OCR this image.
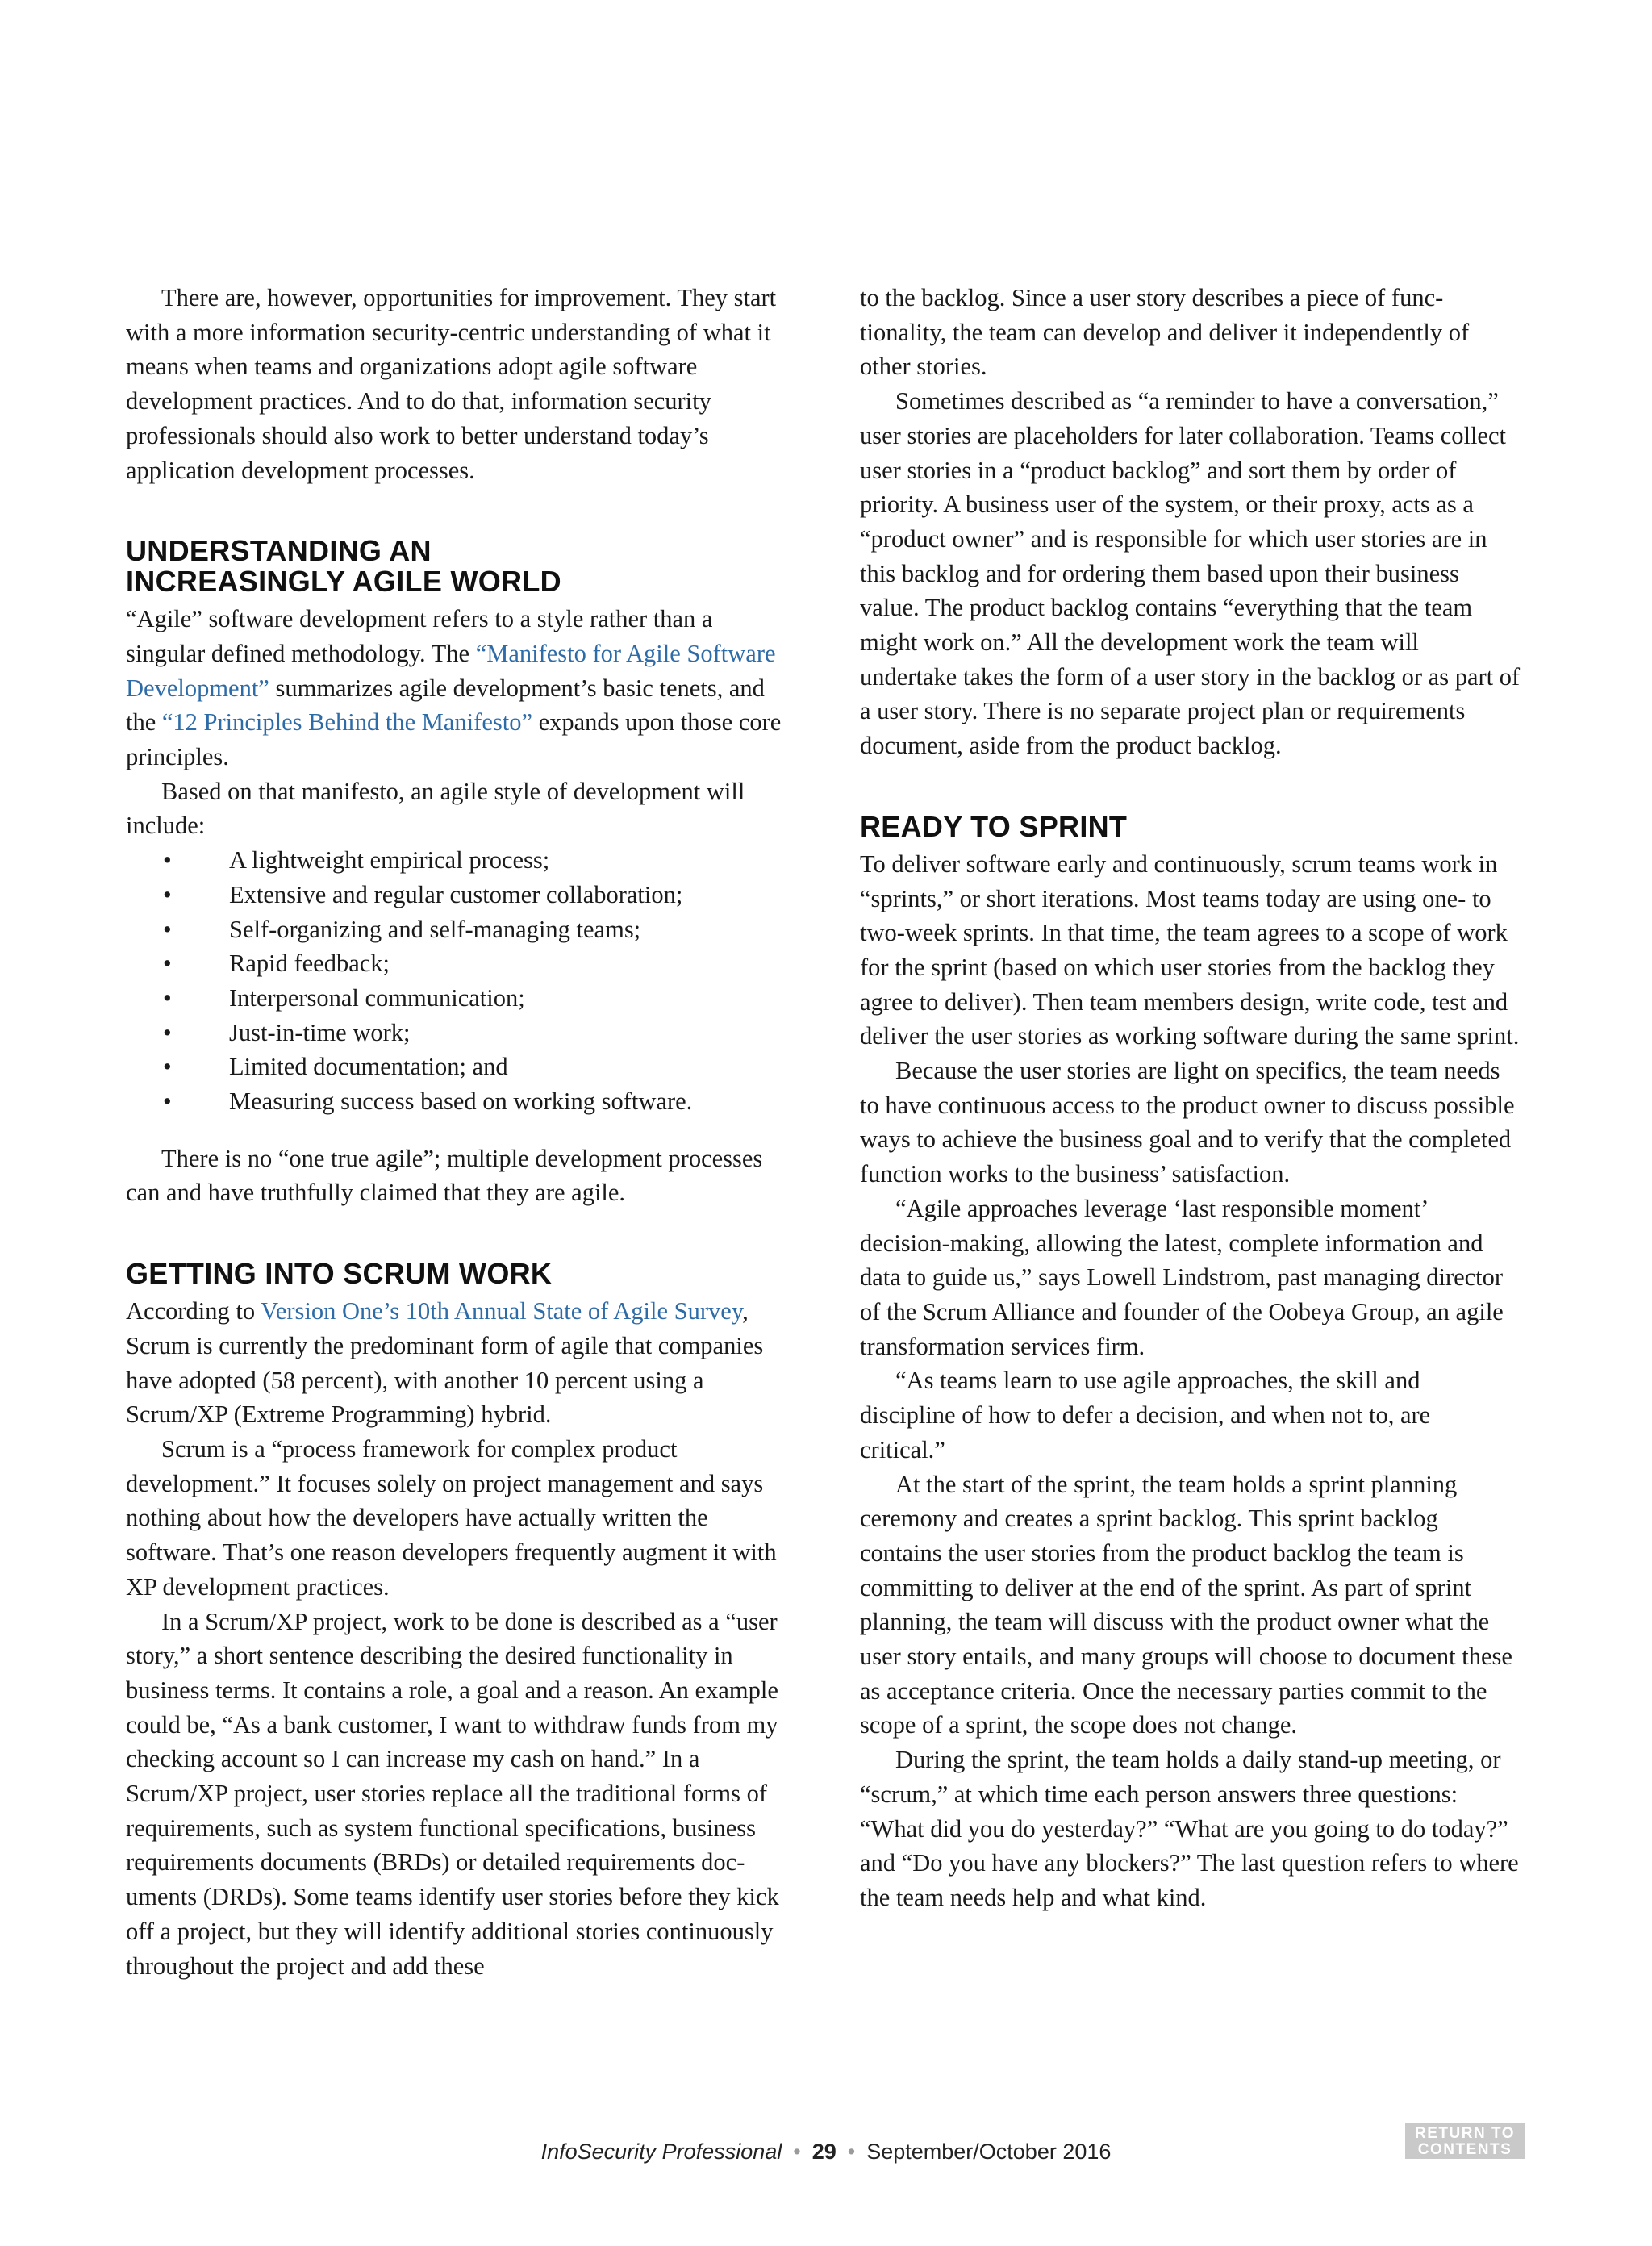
There are, however, opportunities for improvement. They start with a more information security-centric understanding of what it means when teams and organizations adopt agile software development practices. And to do that, information security professionals should also work to better understand today’s application development processes.

UNDERSTANDING AN
INCREASINGLY AGILE WORLD

“Agile” software development refers to a style rather than a singular defined methodology. The “Manifesto for Agile Software Development” summarizes agile development’s basic tenets, and the “12 Principles Behind the Manifesto” expands upon those core principles.

Based on that manifesto, an agile style of development will include:

• A lightweight empirical process;
• Extensive and regular customer collaboration;
• Self-organizing and self-managing teams;
• Rapid feedback;
• Interpersonal communication;
• Just-in-time work;
• Limited documentation; and
• Measuring success based on working software.

There is no “one true agile”; multiple development processes can and have truthfully claimed that they are agile.

GETTING INTO SCRUM WORK

According to Version One’s 10th Annual State of Agile Survey, Scrum is currently the predominant form of agile that companies have adopted (58 percent), with another 10 percent using a Scrum/XP (Extreme Programming) hybrid.

Scrum is a “process framework for complex product development.” It focuses solely on project management and says nothing about how the developers have actually written the software. That’s one reason developers frequently augment it with XP development practices.

In a Scrum/XP project, work to be done is described as a “user story,” a short sentence describing the desired functionality in business terms. It contains a role, a goal and a reason. An example could be, “As a bank customer, I want to withdraw funds from my checking account so I can increase my cash on hand.” In a Scrum/XP project, user stories replace all the traditional forms of requirements, such as system functional specifications, business requirements documents (BRDs) or detailed requirements documents (DRDs). Some teams identify user stories before they kick off a project, but they will identify additional stories continuously throughout the project and add these

to the backlog. Since a user story describes a piece of functionality, the team can develop and deliver it independently of other stories.

Sometimes described as “a reminder to have a conversation,” user stories are placeholders for later collaboration. Teams collect user stories in a “product backlog” and sort them by order of priority. A business user of the system, or their proxy, acts as a “product owner” and is responsible for which user stories are in this backlog and for ordering them based upon their business value. The product backlog contains “everything that the team might work on.” All the development work the team will undertake takes the form of a user story in the backlog or as part of a user story. There is no separate project plan or requirements document, aside from the product backlog.

READY TO SPRINT

To deliver software early and continuously, scrum teams work in “sprints,” or short iterations. Most teams today are using one- to two-week sprints. In that time, the team agrees to a scope of work for the sprint (based on which user stories from the backlog they agree to deliver). Then team members design, write code, test and deliver the user stories as working software during the same sprint.

Because the user stories are light on specifics, the team needs to have continuous access to the product owner to discuss possible ways to achieve the business goal and to verify that the completed function works to the business’ satisfaction.

“Agile approaches leverage ‘last responsible moment’ decision-making, allowing the latest, complete information and data to guide us,” says Lowell Lindstrom, past managing director of the Scrum Alliance and founder of the Oobeya Group, an agile transformation services firm.

“As teams learn to use agile approaches, the skill and discipline of how to defer a decision, and when not to, are critical.”

At the start of the sprint, the team holds a sprint planning ceremony and creates a sprint backlog. This sprint backlog contains the user stories from the product backlog the team is committing to deliver at the end of the sprint. As part of sprint planning, the team will discuss with the product owner what the user story entails, and many groups will choose to document these as acceptance criteria. Once the necessary parties commit to the scope of a sprint, the scope does not change.

During the sprint, the team holds a daily stand-up meeting, or “scrum,” at which time each person answers three questions: “What did you do yesterday?” “What are you going to do today?” and “Do you have any blockers?” The last question refers to where the team needs help and what kind.

InfoSecurity Professional • 29 • September/October 2016
RETURN TO
CONTENTS
